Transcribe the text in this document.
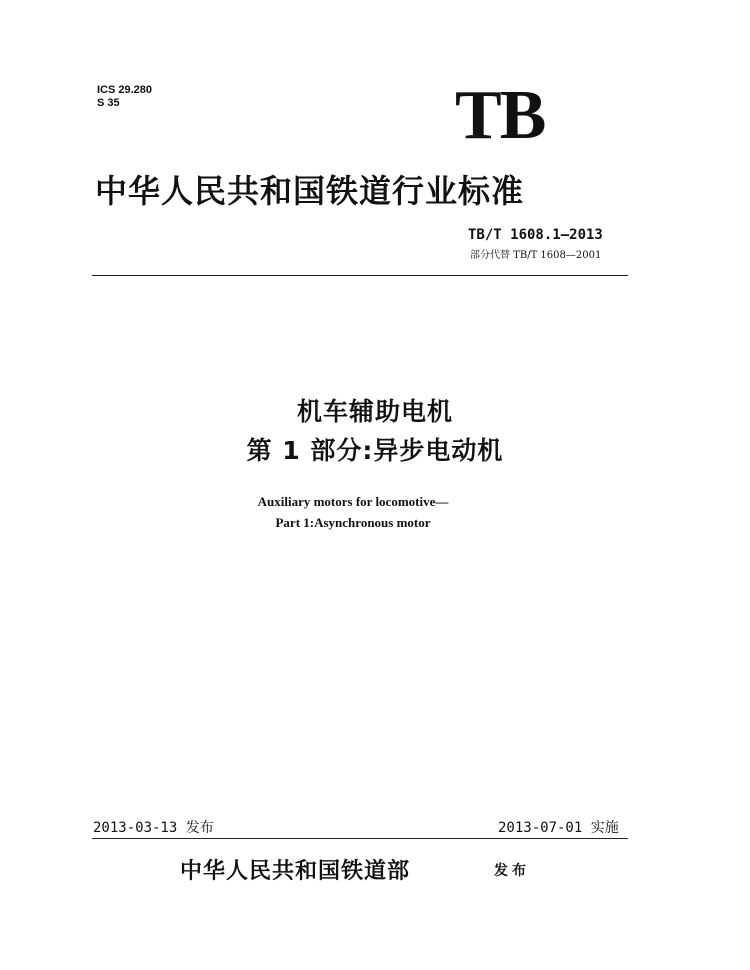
ICS 29.280
S 35	TB
中华人民共和国铁道行业标准
TB/T 1608.1—2013
部分代替 TB/T 1608—2001
机车辅助电机
第 1 部分:异步电动机
Auxiliary motors for locomotive—
Part 1:Asynchronous motor
2013-03-13 发布	2013-07-01 实施
中华人民共和国铁道部	发布
